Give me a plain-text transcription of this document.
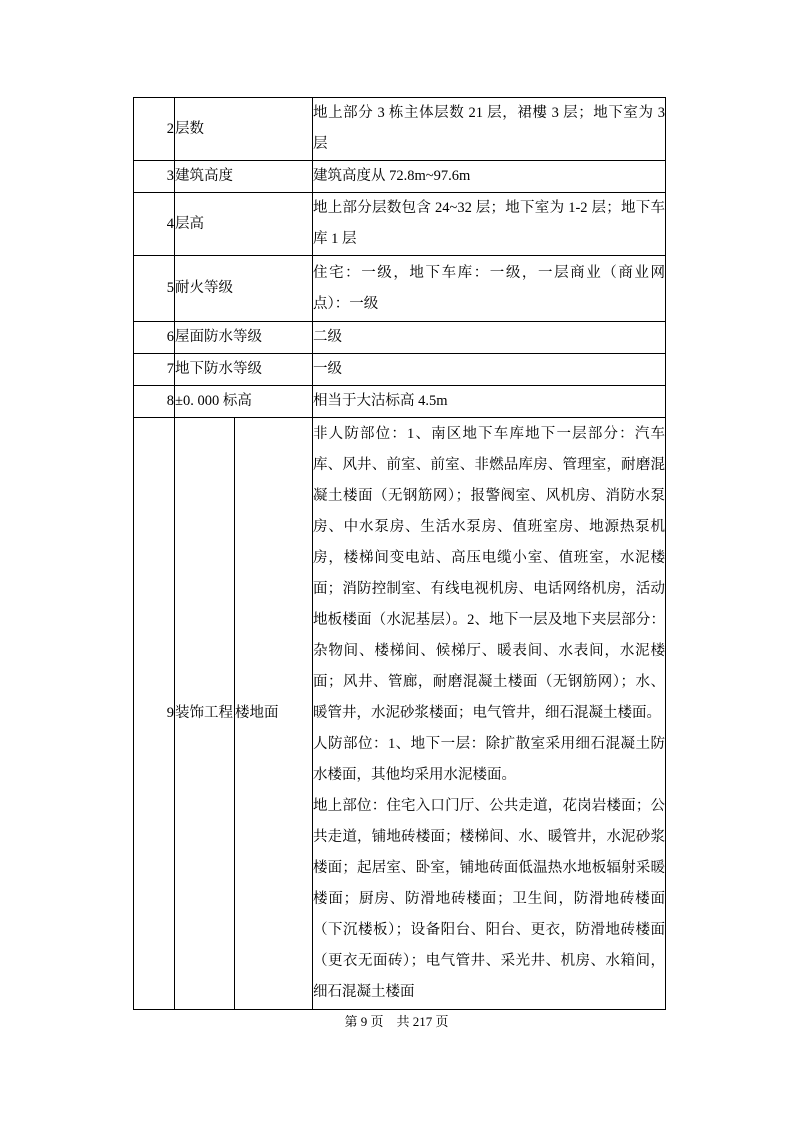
2	层数		地上部分 3 栋主体层数 21 层，裙樓 3 层；地下室为 3 层
3	建筑高度		建筑高度从 72.8m~97.6m
4	层高		地上部分层数包含 24~32 层；地下室为 1-2 层；地下车库 1 层
5	耐火等级		住宅：一级，地下车库：一级，一层商业（商业网点）：一级
6	屋面防水等级		二级
7	地下防水等级		一级
8	±0. 000 标高		相当于大沽标高 4.5m
9	装饰工程	楼地面	非人防部位：1、南区地下车库地下一层部分：汽车库、风井、前室、前室、非燃品库房、管理室，耐磨混凝土楼面（无钢筋网）；报警阀室、风机房、消防水泵房、中水泵房、生活水泵房、值班室房、地源热泵机房，楼梯间变电站、高压电缆小室、值班室，水泥楼面；消防控制室、有线电视机房、电话网络机房，活动地板楼面（水泥基层）。2、地下一层及地下夹层部分：杂物间、楼梯间、候梯厅、暖表间、水表间，水泥楼面；风井、管廊，耐磨混凝土楼面（无钢筋网）；水、暖管井，水泥砂浆楼面；电气管井，细石混凝土楼面。

人防部位：1、地下一层：除扩散室采用细石混凝土防水楼面，其他均采用水泥楼面。

地上部位：住宅入口门厅、公共走道，花岗岩楼面；公共走道，铺地砖楼面；楼梯间、水、暖管井，水泥砂浆楼面；起居室、卧室，铺地砖面低温热水地板辐射采暖楼面；厨房、防滑地砖楼面；卫生间，防滑地砖楼面（下沉楼板）；设备阳台、阳台、更衣，防滑地砖楼面（更衣无面砖）；电气管井、采光井、机房、水箱间，细石混凝土楼面

第 9 页　共 217 页
